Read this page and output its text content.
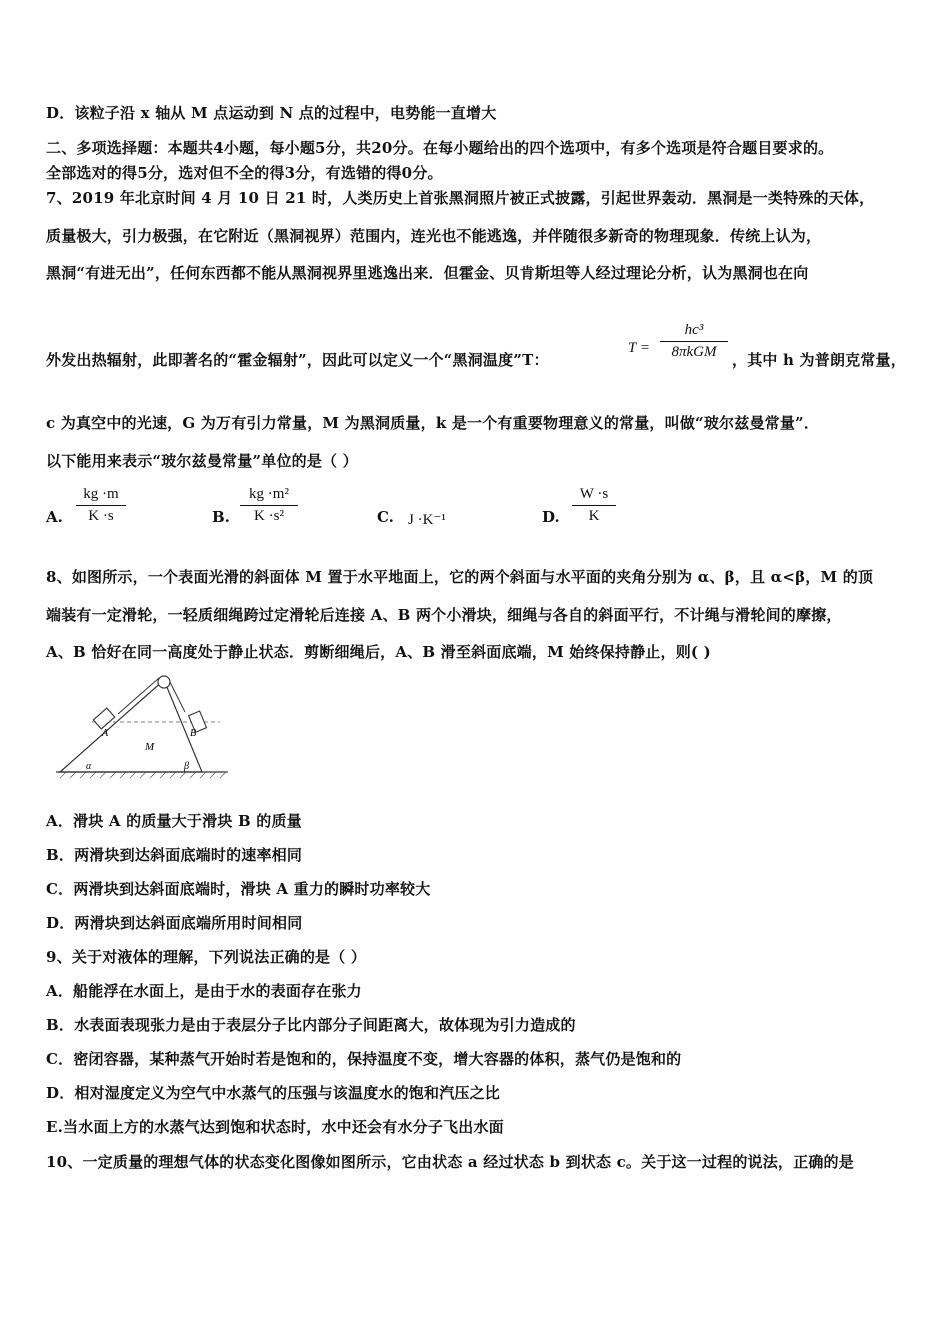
D．该粒子沿 x 轴从 M 点运动到 N 点的过程中，电势能一直增大
二、多项选择题：本题共4小题，每小题5分，共20分。在每小题给出的四个选项中，有多个选项是符合题目要求的。
全部选对的得5分，选对但不全的得3分，有选错的得0分。
7、2019 年北京时间 4 月 10 日 21 时，人类历史上首张黑洞照片被正式披露，引起世界轰动．黑洞是一类特殊的天体，
质量极大，引力极强，在它附近（黑洞视界）范围内，连光也不能逃逸，并伴随很多新奇的物理现象．传统上认为，
黑洞“有进无出”，任何东西都不能从黑洞视界里逃逸出来．但霍金、贝肯斯坦等人经过理论分析，认为黑洞也在向
外发出热辐射，此即著名的“霍金辐射”，因此可以定义一个“黑洞温度”T：
T =
hc³
8πkGM	，其中 h 为普朗克常量，
c 为真空中的光速，G 为万有引力常量，M 为黑洞质量，k 是一个有重要物理意义的常量，叫做“玻尔兹曼常量”．
以下能用来表示“玻尔兹曼常量”单位的是（ ）
A.
kg ·m
K ·s	B.
kg ·m²
K ·s²	C. J ·K⁻¹	D.
W ·s
K
8、如图所示，一个表面光滑的斜面体 M 置于水平地面上，它的两个斜面与水平面的夹角分别为 α、β，且 α<β，M 的顶
端装有一定滑轮，一轻质细绳跨过定滑轮后连接 A、B 两个小滑块，细绳与各自的斜面平行，不计绳与滑轮间的摩擦，
A、B 恰好在同一高度处于静止状态．剪断细绳后，A、B 滑至斜面底端，M 始终保持静止，则( )
A	B
M
α	β
A．滑块 A 的质量大于滑块 B 的质量
B．两滑块到达斜面底端时的速率相同
C．两滑块到达斜面底端时，滑块 A 重力的瞬时功率较大
D．两滑块到达斜面底端所用时间相同
9、关于对液体的理解，下列说法正确的是（ ）
A．船能浮在水面上，是由于水的表面存在张力
B．水表面表现张力是由于表层分子比内部分子间距离大，故体现为引力造成的
C．密闭容器，某种蒸气开始时若是饱和的，保持温度不变，增大容器的体积，蒸气仍是饱和的
D．相对湿度定义为空气中水蒸气的压强与该温度水的饱和汽压之比
E.当水面上方的水蒸气达到饱和状态时，水中还会有水分子飞出水面
10、一定质量的理想气体的状态变化图像如图所示，它由状态 a 经过状态 b 到状态 c。关于这一过程的说法，正确的是
